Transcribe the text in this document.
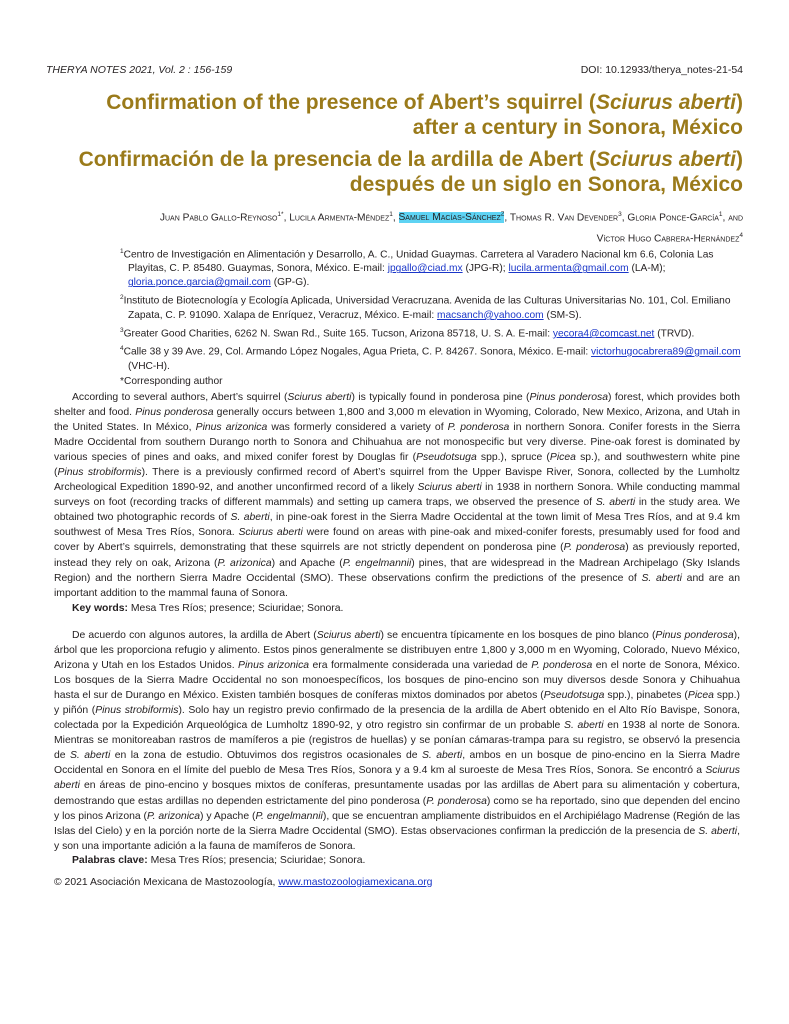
THERYA NOTES 2021, Vol. 2 : 156-159	DOI: 10.12933/therya_notes-21-54
Confirmation of the presence of Abert’s squirrel (Sciurus aberti)
after a century in Sonora, México
Confirmación de la presencia de la ardilla de Abert (Sciurus aberti)
después de un siglo en Sonora, México
Juan Pablo Gallo-Reynoso$^{1*}$, Lucila Armenta-Méndez$^1$, Samuel Macías-Sánchez$^2$, Thomas R. Van Devender$^3$, Gloria Ponce-García$^1$, and
Víctor Hugo Cabrera-Hernández$^4$
$^1$Centro de Investigación en Alimentación y Desarrollo, A. C., Unidad Guaymas. Carretera al Varadero Nacional km 6.6, Colonia Las Playitas, C. P. 85480. Guaymas, Sonora, México. E-mail: jpgallo@ciad.mx (JPG-R); lucila.armenta@gmail.com (LA-M); gloria.ponce.garcia@gmail.com (GP-G).
$^2$Instituto de Biotecnología y Ecología Aplicada, Universidad Veracruzana. Avenida de las Culturas Universitarias No. 101, Col. Emiliano Zapata, C. P. 91090. Xalapa de Enríquez, Veracruz, México. E-mail: macsanch@yahoo.com (SM-S).
$^3$Greater Good Charities, 6262 N. Swan Rd., Suite 165. Tucson, Arizona 85718, U. S. A. E-mail: yecora4@comcast.net (TRVD).
$^4$Calle 38 y 39 Ave. 29, Col. Armando López Nogales, Agua Prieta, C. P. 84267. Sonora, México. E-mail: victorhugocabrera89@gmail.com (VHC-H).
*Corresponding author

According to several authors, Abert’s squirrel (Sciurus aberti) is typically found in ponderosa pine (Pinus ponderosa) forest, which provides both shelter and food. Pinus ponderosa generally occurs between 1,800 and 3,000 m elevation in Wyoming, Colorado, New Mexico, Arizona, and Utah in the United States. In México, Pinus arizonica was formerly considered a variety of P. ponderosa in northern Sonora. Conifer forests in the Sierra Madre Occidental from southern Durango north to Sonora and Chihuahua are not monospecific but very diverse. Pine-oak forest is dominated by various species of pines and oaks, and mixed conifer forest by Douglas fir (Pseudotsuga spp.), spruce (Picea sp.), and southwestern white pine (Pinus strobiformis). There is a previously confirmed record of Abert’s squirrel from the Upper Bavispe River, Sonora, collected by the Lumholtz Archeological Expedition 1890-92, and another unconfirmed record of a likely Sciurus aberti in 1938 in northern Sonora. While conducting mammal surveys on foot (recording tracks of different mammals) and setting up camera traps, we observed the presence of S. aberti in the study area. We obtained two photographic records of S. aberti, in pine-oak forest in the Sierra Madre Occidental at the town limit of Mesa Tres Ríos, and at 9.4 km southwest of Mesa Tres Ríos, Sonora. Sciurus aberti were found on areas with pine-oak and mixed-conifer forests, presumably used for food and cover by Abert’s squirrels, demonstrating that these squirrels are not strictly dependent on ponderosa pine (P. ponderosa) as previously reported, instead they rely on oak, Arizona (P. arizonica) and Apache (P. engelmannii) pines, that are widespread in the Madrean Archipelago (Sky Islands Region) and the northern Sierra Madre Occidental (SMO). These observations confirm the predictions of the presence of S. aberti and are an important addition to the mammal fauna of Sonora.

Key words: Mesa Tres Ríos; presence; Sciuridae; Sonora.

De acuerdo con algunos autores, la ardilla de Abert (Sciurus aberti) se encuentra típicamente en los bosques de pino blanco (Pinus ponderosa), árbol que les proporciona refugio y alimento. Estos pinos generalmente se distribuyen entre 1,800 y 3,000 m en Wyoming, Colorado, Nuevo México, Arizona y Utah en los Estados Unidos. Pinus arizonica era formalmente considerada una variedad de P. ponderosa en el norte de Sonora, México. Los bosques de la Sierra Madre Occidental no son monoespecíficos, los bosques de pino-encino son muy diversos desde Sonora y Chihuahua hasta el sur de Durango en México. Existen también bosques de coníferas mixtos dominados por abetos (Pseudotsuga spp.), pinabetes (Picea spp.) y piñón (Pinus strobiformis). Solo hay un registro previo confirmado de la presencia de la ardilla de Abert obtenido en el Alto Río Bavispe, Sonora, colectada por la Expedición Arqueológica de Lumholtz 1890-92, y otro registro sin confirmar de un probable S. aberti en 1938 al norte de Sonora. Mientras se monitoreaban rastros de mamíferos a pie (registros de huellas) y se ponían cámaras-trampa para su registro, se observó la presencia de S. aberti en la zona de estudio. Obtuvimos dos registros ocasionales de S. aberti, ambos en un bosque de pino-encino en la Sierra Madre Occidental en Sonora en el límite del pueblo de Mesa Tres Ríos, Sonora y a 9.4 km al suroeste de Mesa Tres Ríos, Sonora. Se encontró a Sciurus aberti en áreas de pino-encino y bosques mixtos de coníferas, presuntamente usadas por las ardillas de Abert para su alimentación y cobertura, demostrando que estas ardillas no dependen estrictamente del pino ponderosa (P. ponderosa) como se ha reportado, sino que dependen del encino y los pinos Arizona (P. arizonica) y Apache (P. engelmannii), que se encuentran ampliamente distribuidos en el Archipiélago Madrense (Región de las Islas del Cielo) y en la porción norte de la Sierra Madre Occidental (SMO). Estas observaciones confirman la predicción de la presencia de S. aberti, y son una importante adición a la fauna de mamíferos de Sonora.

Palabras clave: Mesa Tres Ríos; presencia; Sciuridae; Sonora.
© 2021 Asociación Mexicana de Mastozoología, www.mastozoologiamexicana.org
